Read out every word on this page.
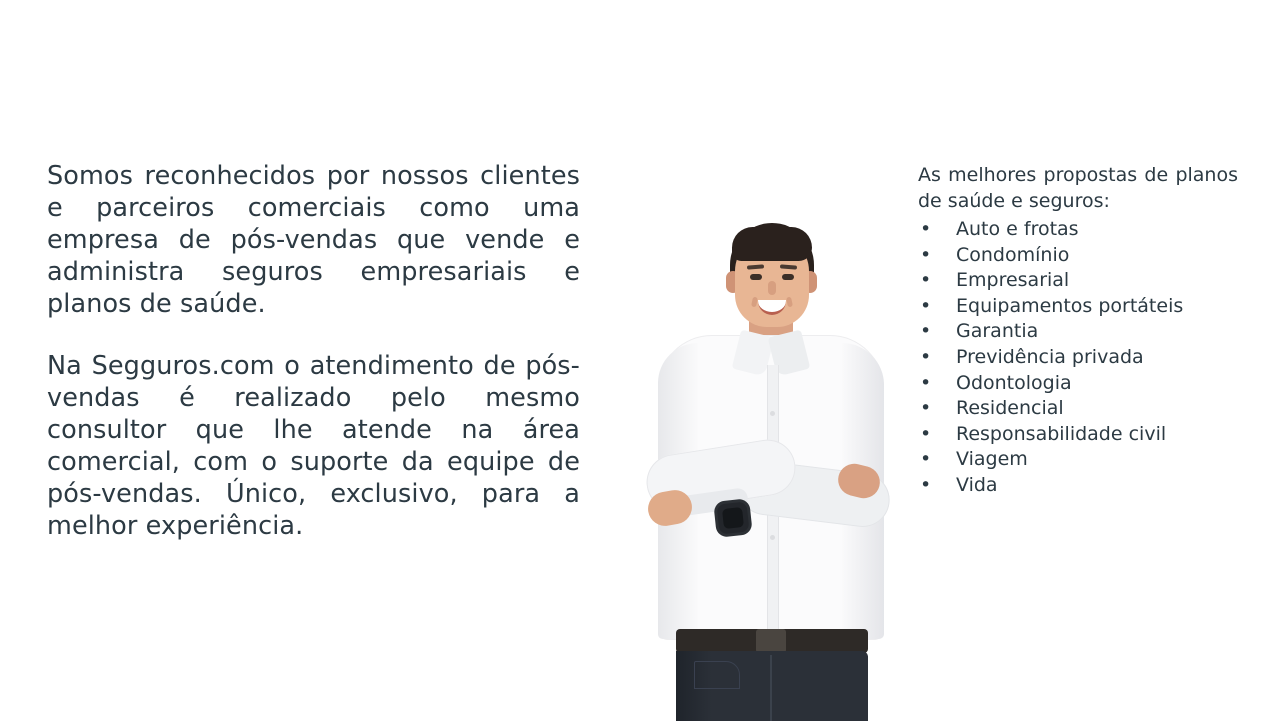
Somos reconhecidos por nossos clientes e parceiros comerciais como uma empresa de pós-vendas que vende e administra seguros empresariais e planos de saúde.

Na Segguros.com o atendimento de pós-vendas é realizado pelo mesmo consultor que lhe atende na área comercial, com o suporte da equipe de pós-vendas. Único, exclusivo, para a melhor experiência.

As melhores propostas de planos de saúde e seguros:

• Auto e frotas
• Condomínio
• Empresarial
• Equipamentos portáteis
• Garantia
• Previdência privada
• Odontologia
• Residencial
• Responsabilidade civil
• Viagem
• Vida
